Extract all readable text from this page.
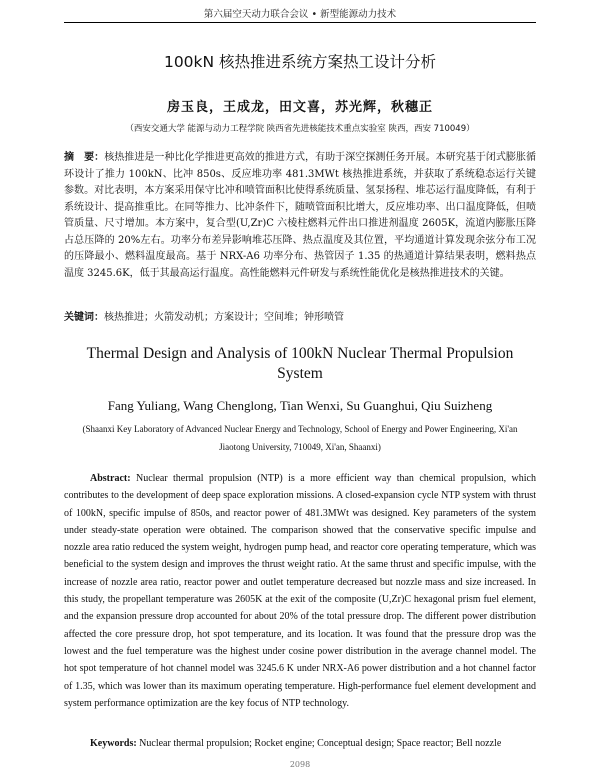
第六届空天动力联合会议 • 新型能源动力技术
100kN 核热推进系统方案热工设计分析
房玉良，王成龙，田文喜，苏光辉，秋穗正
（西安交通大学 能源与动力工程学院 陕西省先进核能技术重点实验室 陕西，西安 710049）
摘　要：核热推进是一种比化学推进更高效的推进方式，有助于深空探测任务开展。本研究基于闭式膨胀循环设计了推力 100kN、比冲 850s、反应堆功率 481.3MWt 核热推进系统，并获取了系统稳态运行关键参数。对比表明，本方案采用保守比冲和喷管面积比使得系统质量、氢泵扬程、堆芯运行温度降低，有利于系统设计、提高推重比。在同等推力、比冲条件下，随喷管面积比增大，反应堆功率、出口温度降低，但喷管质量、尺寸增加。本方案中，复合型(U,Zr)C 六棱柱燃料元件出口推进剂温度 2605K，流道内膨胀压降占总压降的 20%左右。功率分布差异影响堆芯压降、热点温度及其位置，平均通道计算发现余弦分布工况的压降最小、燃料温度最高。基于 NRX-A6 功率分布、热管因子 1.35 的热通道计算结果表明，燃料热点温度 3245.6K，低于其最高运行温度。高性能燃料元件研发与系统性能优化是核热推进技术的关键。
关键词：核热推进；火箭发动机；方案设计；空间堆；钟形喷管
Thermal Design and Analysis of 100kN Nuclear Thermal Propulsion System
Fang Yuliang, Wang Chenglong, Tian Wenxi, Su Guanghui, Qiu Suizheng
(Shaanxi Key Laboratory of Advanced Nuclear Energy and Technology, School of Energy and Power Engineering, Xi'an Jiaotong University, 710049, Xi'an, Shaanxi)
Abstract: Nuclear thermal propulsion (NTP) is a more efficient way than chemical propulsion, which contributes to the development of deep space exploration missions. A closed-expansion cycle NTP system with thrust of 100kN, specific impulse of 850s, and reactor power of 481.3MWt was designed. Key parameters of the system under steady-state operation were obtained. The comparison showed that the conservative specific impulse and nozzle area ratio reduced the system weight, hydrogen pump head, and reactor core operating temperature, which was beneficial to the system design and improves the thrust weight ratio. At the same thrust and specific impulse, with the increase of nozzle area ratio, reactor power and outlet temperature decreased but nozzle mass and size increased. In this study, the propellant temperature was 2605K at the exit of the composite (U,Zr)C hexagonal prism fuel element, and the expansion pressure drop accounted for about 20% of the total pressure drop. The different power distribution affected the core pressure drop, hot spot temperature, and its location. It was found that the pressure drop was the lowest and the fuel temperature was the highest under cosine power distribution in the average channel model. The hot spot temperature of hot channel model was 3245.6 K under NRX-A6 power distribution and a hot channel factor of 1.35, which was lower than its maximum operating temperature. High-performance fuel element development and system performance optimization are the key focus of NTP technology.
Keywords: Nuclear thermal propulsion; Rocket engine; Conceptual design; Space reactor; Bell nozzle
2098
